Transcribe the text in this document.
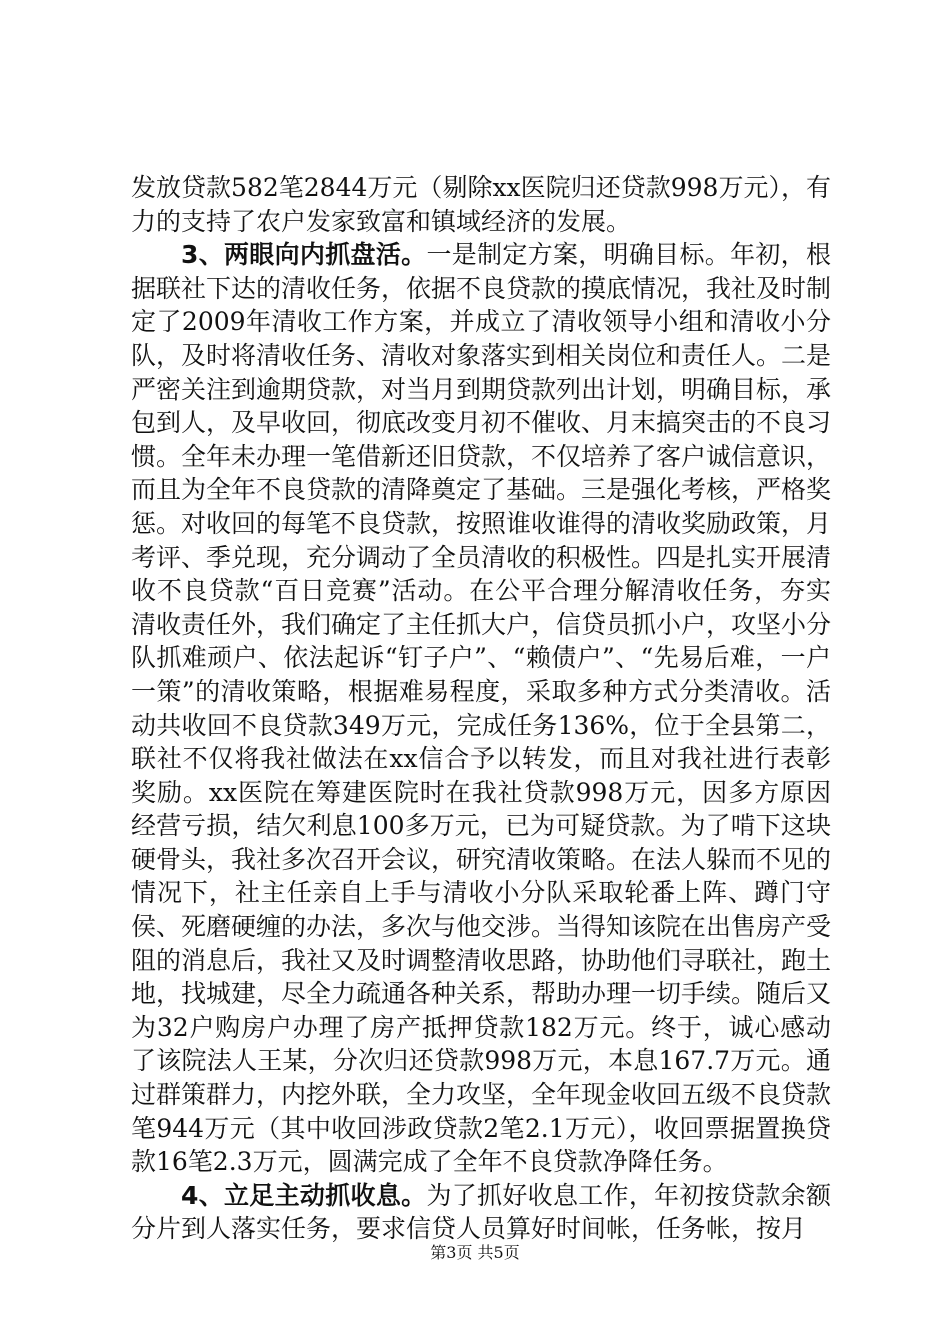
发放贷款582笔2844万元（剔除xx医院归还贷款998万元），有力的支持了农户发家致富和镇域经济的发展。

3、两眼向内抓盘活。一是制定方案，明确目标。年初，根据联社下达的清收任务，依据不良贷款的摸底情况，我社及时制定了2009年清收工作方案，并成立了清收领导小组和清收小分队，及时将清收任务、清收对象落实到相关岗位和责任人。二是严密关注到逾期贷款，对当月到期贷款列出计划，明确目标，承包到人，及早收回，彻底改变月初不催收、月末搞突击的不良习惯。全年未办理一笔借新还旧贷款，不仅培养了客户诚信意识，而且为全年不良贷款的清降奠定了基础。三是强化考核，严格奖惩。对收回的每笔不良贷款，按照谁收谁得的清收奖励政策，月考评、季兑现，充分调动了全员清收的积极性。四是扎实开展清收不良贷款“百日竞赛”活动。在公平合理分解清收任务，夯实清收责任外，我们确定了主任抓大户，信贷员抓小户，攻坚小分队抓难顽户、依法起诉“钉子户”、“赖债户”、“先易后难，一户一策”的清收策略，根据难易程度，采取多种方式分类清收。活动共收回不良贷款349万元，完成任务136%，位于全县第二，联社不仅将我社做法在xx信合予以转发，而且对我社进行表彰奖励。xx医院在筹建医院时在我社贷款998万元，因多方原因经营亏损，结欠利息100多万元，已为可疑贷款。为了啃下这块硬骨头，我社多次召开会议，研究清收策略。在法人躲而不见的情况下，社主任亲自上手与清收小分队采取轮番上阵、蹲门守侯、死磨硬缠的办法，多次与他交涉。当得知该院在出售房产受阻的消息后，我社又及时调整清收思路，协助他们寻联社，跑土地，找城建，尽全力疏通各种关系，帮助办理一切手续。随后又为32户购房户办理了房产抵押贷款182万元。终于，诚心感动了该院法人王某，分次归还贷款998万元，本息167.7万元。通过群策群力，内挖外联，全力攻坚，全年现金收回五级不良贷款笔944万元（其中收回涉政贷款2笔2.1万元），收回票据置换贷款16笔2.3万元，圆满完成了全年不良贷款净降任务。

4、立足主动抓收息。为了抓好收息工作，年初按贷款余额分片到人落实任务，要求信贷人员算好时间帐，任务帐，按月

第3页 共5页
